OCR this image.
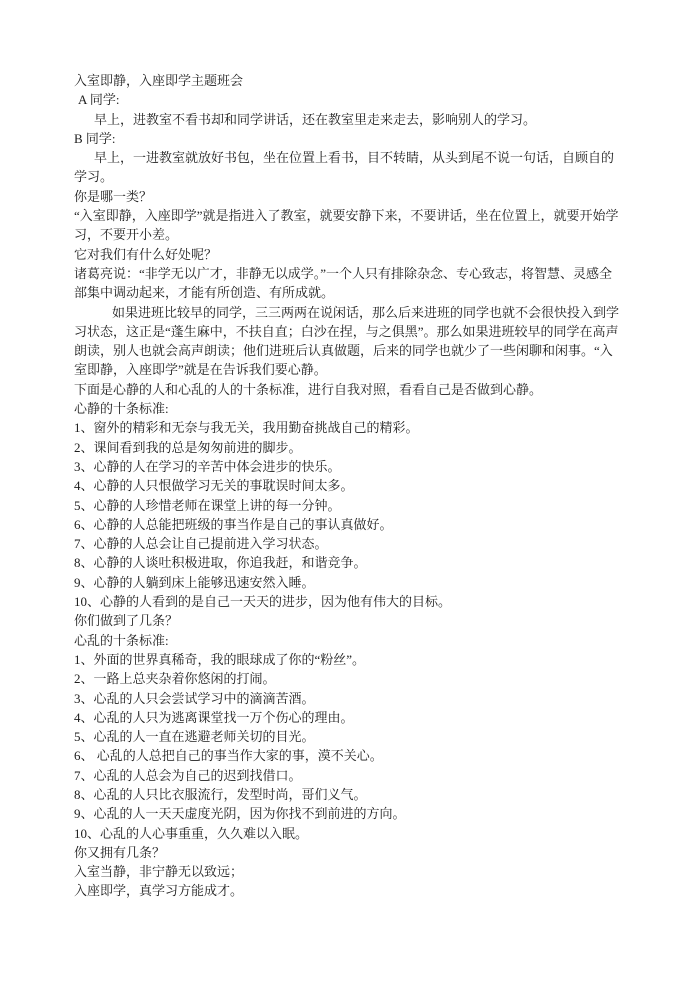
入室即静，入座即学主题班会

A 同学:

早上，进教室不看书却和同学讲话，还在教室里走来走去，影响别人的学习。

B 同学:

早上，一进教室就放好书包，坐在位置上看书，目不转睛，从头到尾不说一句话，自顾自的学习。

你是哪一类？

“入室即静，入座即学”就是指进入了教室，就要安静下来，不要讲话，坐在位置上，就要开始学习，不要开小差。

它对我们有什么好处呢？

诸葛亮说：“非学无以广才，非静无以成学。”一个人只有排除杂念、专心致志，将智慧、灵感全部集中调动起来，才能有所创造、有所成就。

如果进班比较早的同学，三三两两在说闲话，那么后来进班的同学也就不会很快投入到学习状态，这正是“蓬生麻中，不扶自直；白沙在捏，与之俱黑”。那么如果进班较早的同学在高声朗读，别人也就会高声朗读；他们进班后认真做题，后来的同学也就少了一些闲聊和闲事。“入室即静，入座即学”就是在告诉我们要心静。

下面是心静的人和心乱的人的十条标准，进行自我对照，看看自己是否做到心静。

心静的十条标准:

1、窗外的精彩和无奈与我无关，我用勤奋挑战自己的精彩。

2、课间看到我的总是匆匆前进的脚步。

3、心静的人在学习的辛苦中体会进步的快乐。

4、心静的人只恨做学习无关的事耽误时间太多。

5、心静的人珍惜老师在课堂上讲的每一分钟。

6、心静的人总能把班级的事当作是自己的事认真做好。

7、心静的人总会让自己提前进入学习状态。

8、心静的人谈吐积极进取，你追我赶，和谐竞争。

9、心静的人躺到床上能够迅速安然入睡。

10、心静的人看到的是自己一天天的进步，因为他有伟大的目标。

你们做到了几条？

心乱的十条标准:

1、外面的世界真稀奇，我的眼球成了你的“粉丝”。

2、一路上总夹杂着你悠闲的打闹。

3、心乱的人只会尝试学习中的滴滴苦酒。

4、心乱的人只为逃离课堂找一万个伤心的理由。

5、心乱的人一直在逃避老师关切的目光。

6、 心乱的人总把自己的事当作大家的事，漠不关心。

7、心乱的人总会为自己的迟到找借口。

8、心乱的人只比衣服流行，发型时尚，哥们义气。

9、心乱的人一天天虚度光阴，因为你找不到前进的方向。

10、心乱的人心事重重，久久难以入眠。

你又拥有几条？

入室当静，非宁静无以致远；

入座即学，真学习方能成才。
